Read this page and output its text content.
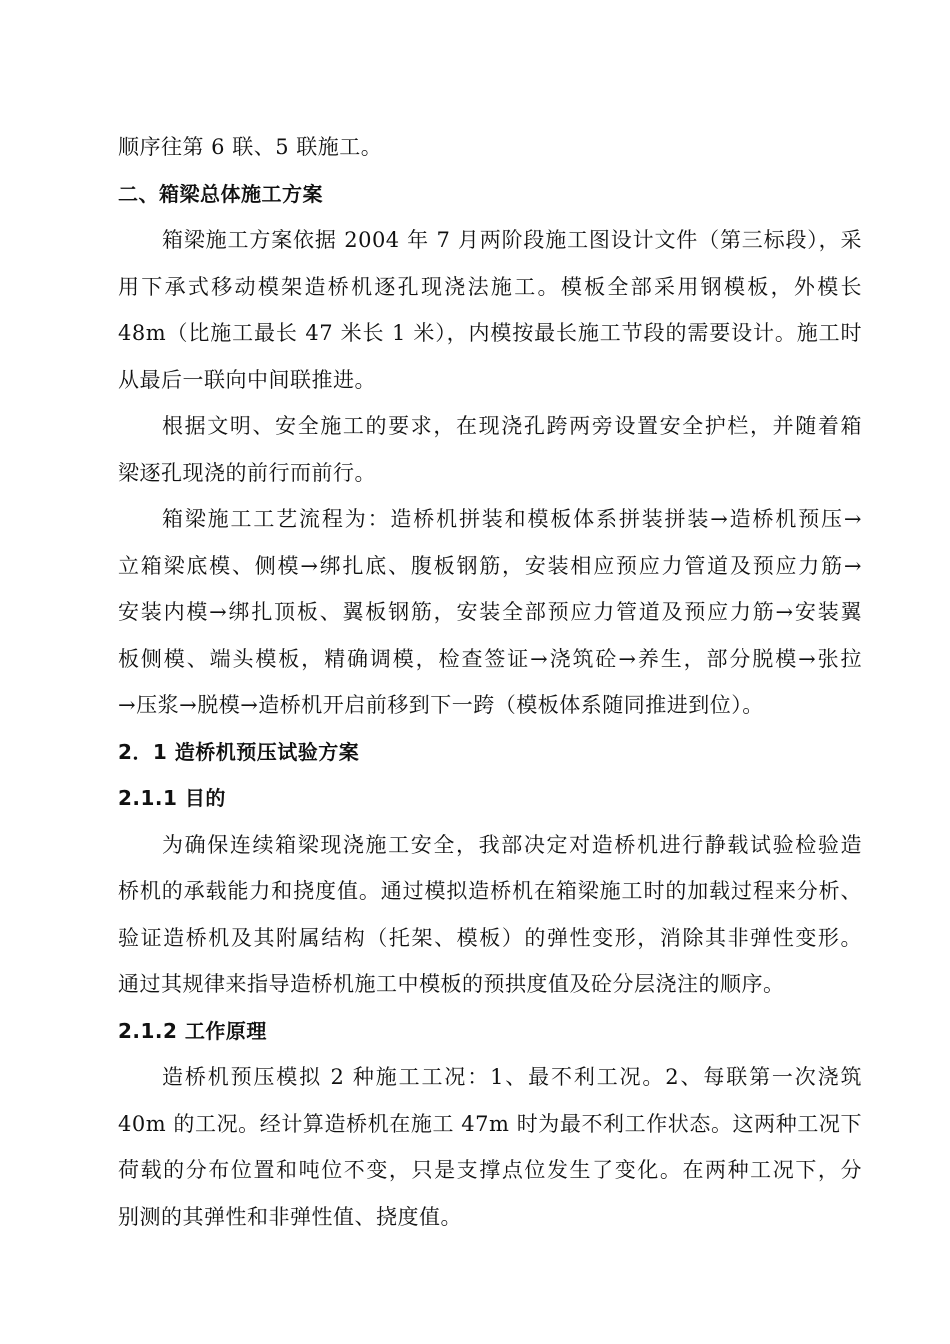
顺序往第 6 联、5 联施工。
二、箱梁总体施工方案
箱梁施工方案依据 2004 年 7 月两阶段施工图设计文件（第三标段），采
用下承式移动模架造桥机逐孔现浇法施工。模板全部采用钢模板，外模长
48m（比施工最长 47 米长 1 米），内模按最长施工节段的需要设计。施工时
从最后一联向中间联推进。
根据文明、安全施工的要求，在现浇孔跨两旁设置安全护栏，并随着箱
梁逐孔现浇的前行而前行。
箱梁施工工艺流程为：造桥机拼装和模板体系拼装拼装→造桥机预压→
立箱梁底模、侧模→绑扎底、腹板钢筋，安装相应预应力管道及预应力筋→
安装内模→绑扎顶板、翼板钢筋，安装全部预应力管道及预应力筋→安装翼
板侧模、端头模板，精确调模，检查签证→浇筑砼→养生，部分脱模→张拉
→压浆→脱模→造桥机开启前移到下一跨（模板体系随同推进到位）。
2．1 造桥机预压试验方案
2.1.1 目的
为确保连续箱梁现浇施工安全，我部决定对造桥机进行静载试验检验造
桥机的承载能力和挠度值。通过模拟造桥机在箱梁施工时的加载过程来分析、
验证造桥机及其附属结构（托架、模板）的弹性变形，消除其非弹性变形。
通过其规律来指导造桥机施工中模板的预拱度值及砼分层浇注的顺序。
2.1.2 工作原理
造桥机预压模拟 2 种施工工况：1、最不利工况。2、每联第一次浇筑
40m 的工况。经计算造桥机在施工 47m 时为最不利工作状态。这两种工况下
荷载的分布位置和吨位不变，只是支撑点位发生了变化。在两种工况下，分
别测的其弹性和非弹性值、挠度值。
